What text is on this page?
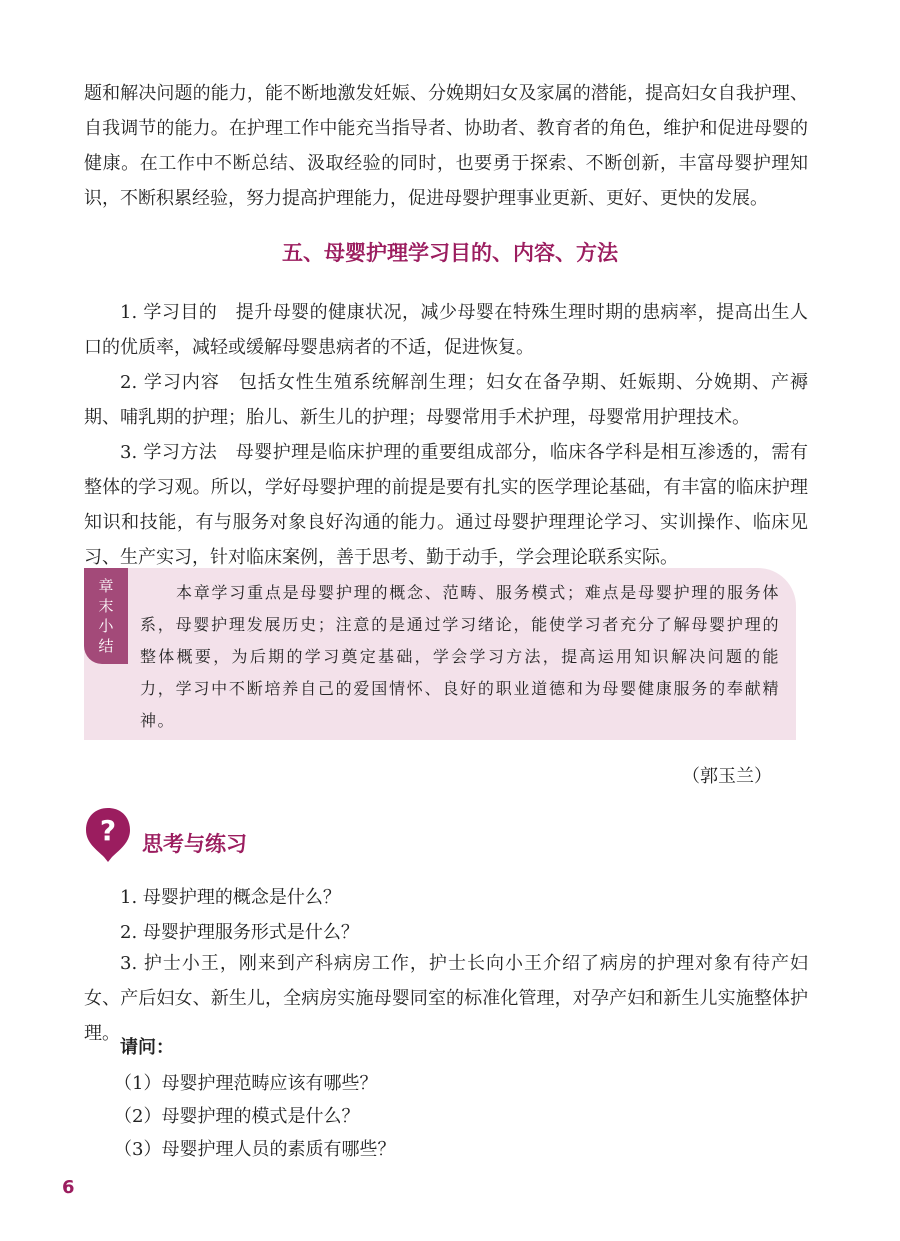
题和解决问题的能力，能不断地激发妊娠、分娩期妇女及家属的潜能，提高妇女自我护理、自我调节的能力。在护理工作中能充当指导者、协助者、教育者的角色，维护和促进母婴的健康。在工作中不断总结、汲取经验的同时，也要勇于探索、不断创新，丰富母婴护理知识，不断积累经验，努力提高护理能力，促进母婴护理事业更新、更好、更快的发展。

五、母婴护理学习目的、内容、方法

1. 学习目的　提升母婴的健康状况，减少母婴在特殊生理时期的患病率，提高出生人口的优质率，减轻或缓解母婴患病者的不适，促进恢复。

2. 学习内容　包括女性生殖系统解剖生理；妇女在备孕期、妊娠期、分娩期、产褥期、哺乳期的护理；胎儿、新生儿的护理；母婴常用手术护理，母婴常用护理技术。

3. 学习方法　母婴护理是临床护理的重要组成部分，临床各学科是相互渗透的，需有整体的学习观。所以，学好母婴护理的前提是要有扎实的医学理论基础，有丰富的临床护理知识和技能，有与服务对象良好沟通的能力。通过母婴护理理论学习、实训操作、临床见习、生产实习，针对临床案例，善于思考、勤于动手，学会理论联系实际。

章末小结

本章学习重点是母婴护理的概念、范畴、服务模式；难点是母婴护理的服务体系，母婴护理发展历史；注意的是通过学习绪论，能使学习者充分了解母婴护理的整体概要，为后期的学习奠定基础，学会学习方法，提高运用知识解决问题的能力，学习中不断培养自己的爱国情怀、良好的职业道德和为母婴健康服务的奉献精神。

（郭玉兰）

? 思考与练习

1. 母婴护理的概念是什么？

2. 母婴护理服务形式是什么？

3. 护士小王，刚来到产科病房工作，护士长向小王介绍了病房的护理对象有待产妇女、产后妇女、新生儿，全病房实施母婴同室的标准化管理，对孕产妇和新生儿实施整体护理。

请问：

（1）母婴护理范畴应该有哪些？

（2）母婴护理的模式是什么？

（3）母婴护理人员的素质有哪些？

6
